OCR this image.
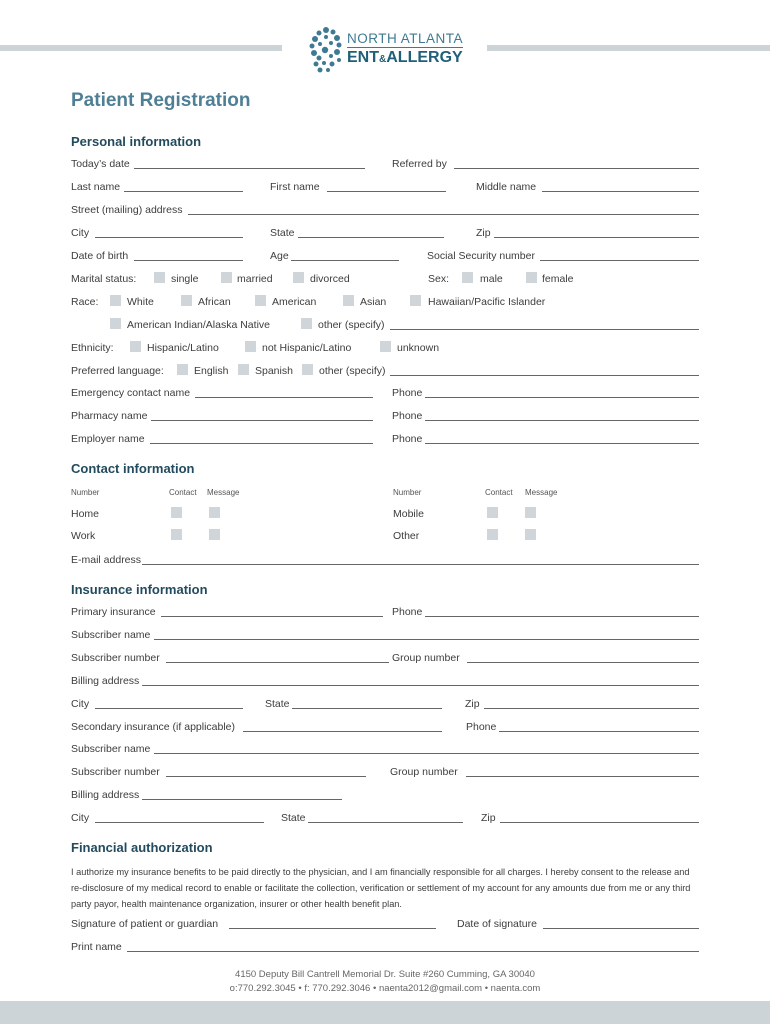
NORTH ATLANTA
ENT&ALLERGY
Patient Registration
Personal information
Today’s date	Referred by
Last name	First name	Middle name
Street (mailing) address
City	State	Zip
Date of birth	Age	Social Security number
Marital status:	single	married	divorced	Sex:	male	female
Race:	White	African	American	Asian	Hawaiian/Pacific Islander
American Indian/Alaska Native	other (specify)
Ethnicity:	Hispanic/Latino	not Hispanic/Latino	unknown
Preferred language:	English	Spanish other (specify)
Emergency contact name	Phone
Pharmacy name	Phone
Employer name	Phone
Contact information
Number	Contact Message	Number	Contact Message
Home	Mobile
Work	Other
E-mail address
Insurance information
Primary insurance	Phone
Subscriber name
Subscriber number	Group number
Billing address
City	State	Zip
Secondary insurance (if applicable)	Phone
Subscriber name
Subscriber number	Group number
Billing address
City	State	Zip
Financial authorization
I authorize my insurance benefits to be paid directly to the physician, and I am financially responsible for all charges. I hereby consent to the release and re-disclosure of my medical record to enable or facilitate the collection, verification or settlement of my account for any amounts due from me or any third party payor, health maintenance organization, insurer or other health benefit plan.
Signature of patient or guardian	Date of signature
Print name
4150 Deputy Bill Cantrell Memorial Dr. Suite #260 Cumming, GA 30040
o:770.292.3045 • f: 770.292.3046 • naenta2012@gmail.com • naenta.com
